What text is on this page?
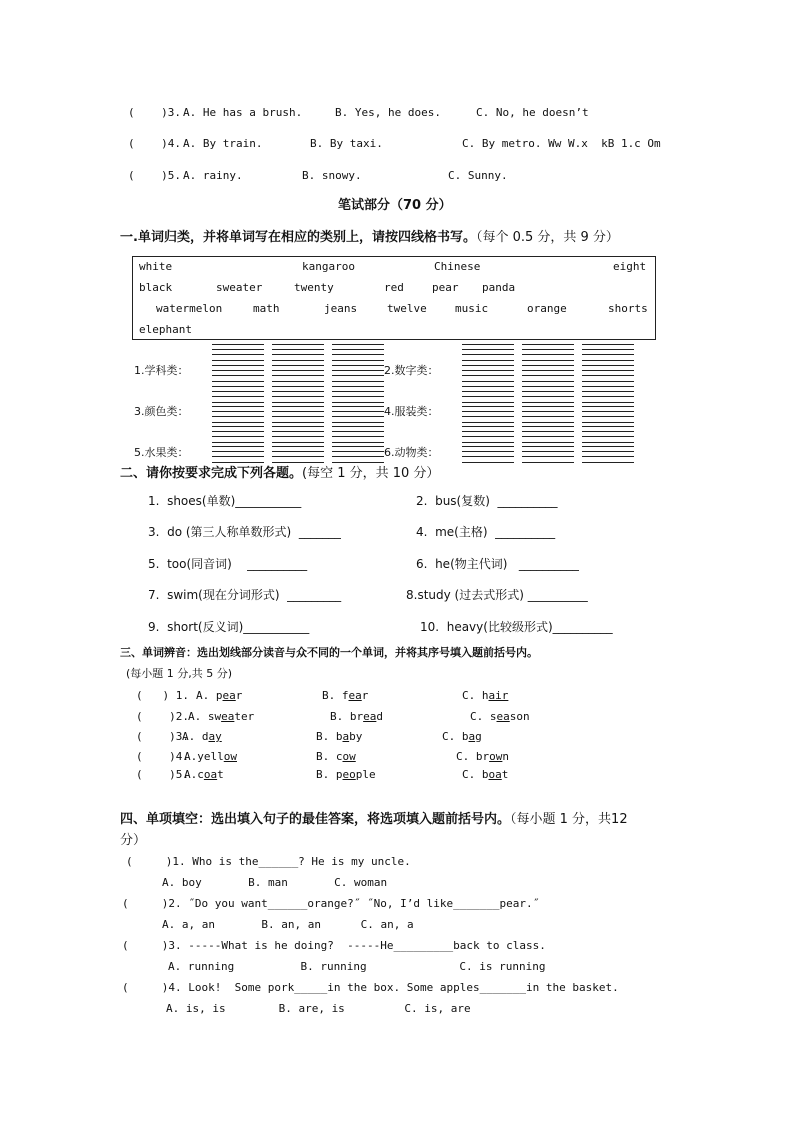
(    )3. A. He has a brush.	B. Yes, he does.	C. No, he doesn’t
(    )4. A. By train.	B. By taxi.	C. By metro. Ww W.x  kB 1.c Om
(    )5. A. rainy.	B. snowy.	C. Sunny.
笔试部分（70 分）
一.单词归类，并将单词写在相应的类别上，请按四线格书写。（每个 0.5 分，共 9 分）
white	kangaroo	Chinese	eight
black	sweater	twenty	red	pear panda
watermelon	math	jeans	twelve	music	orange	shorts
elephant
1.学科类：	2.数字类：
3.颜色类：	4.服装类：
5.水果类：	6.动物类：
二、请你按要求完成下列各题。(每空 1 分，共 10 分）
1.  shoes(单数)___________	2.  bus(复数)  __________
3.  do (第三人称单数形式)  _______	4.  me(主格)  __________
5.  too(同音词)    __________	6.  he(物主代词)   __________
7.  swim(现在分词形式)  _________	8.study (过去式形式) __________
9.  short(反义词)___________	10.  heavy(比较级形式)__________
三、单词辨音：选出划线部分读音与众不同的一个单词，并将其序号填入题前括号内。
(每小题 1 分,共 5 分)
(   ) 1. A. pear	B. fear	C. hair
(    )2. A. sweater	B. bread	C. season
(    )3.
A. day	B. baby	C. bag
(    )4.
A.yellow	B. cow	C. brown
(    )5.
A.coat	B. people	C. boat
四、单项填空：选出填入句子的最佳答案，将选项填入题前括号内。（每小题 1 分，共12
分）
(     )1. Who is the______? He is my uncle.
A. boy       B. man       C. woman
(     )2. ˝Do you want______orange?˝ ˝No, I’d like_______pear.˝
A. a, an       B. an, an      C. an, a
(     )3. -----What is he doing?  -----He_________back to class.
A. running          B. running              C. is running
(     )4. Look!  Some pork_____in the box. Some apples_______in the basket.
A. is, is        B. are, is         C. is, are
